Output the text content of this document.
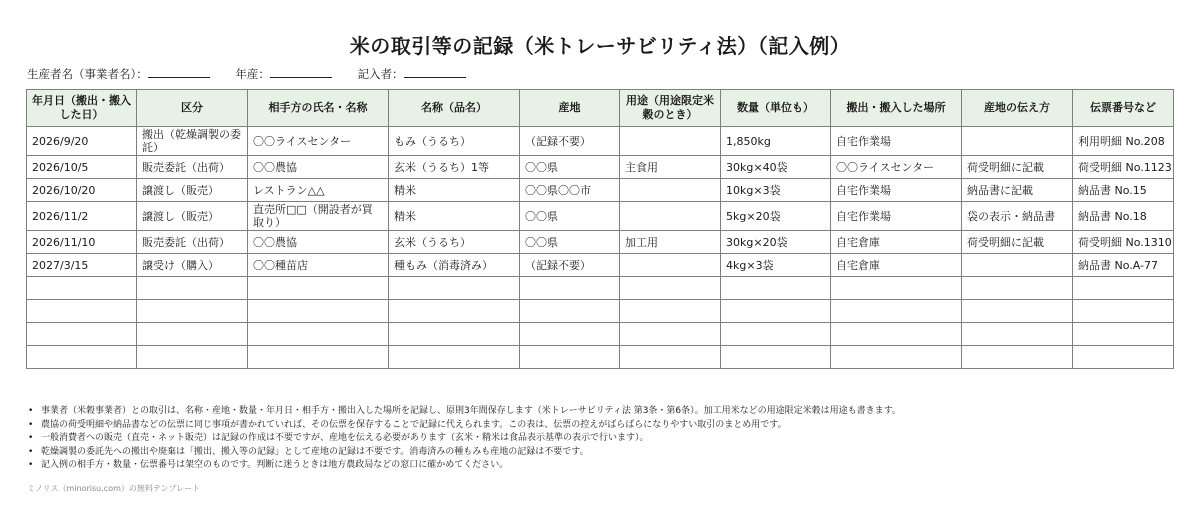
米の取引等の記録（米トレーサビリティ法）（記入例）
生産者名（事業者名）：	年産：	記入者：
年月日（搬出・搬入した日）	区分	相手方の氏名・名称	名称（品名）	産地	用途（用途限定米穀のとき）	数量（単位も）	搬出・搬入した場所	産地の伝え方	伝票番号など
2026/9/20	搬出（乾燥調製の委託）	〇〇ライスセンター	もみ（うるち）	（記録不要）		1,850kg	自宅作業場		利用明細 No.208
2026/10/5	販売委託（出荷）	〇〇農協	玄米（うるち）1等	〇〇県	主食用	30kg×40袋	〇〇ライスセンター	荷受明細に記載	荷受明細 No.1123
2026/10/20	譲渡し（販売）	レストラン△△	精米	〇〇県〇〇市		10kg×3袋	自宅作業場	納品書に記載	納品書 No.15
2026/11/2	譲渡し（販売）	直売所□□（開設者が買取り）	精米	〇〇県		5kg×20袋	自宅作業場	袋の表示・納品書	納品書 No.18
2026/11/10	販売委託（出荷）	〇〇農協	玄米（うるち）	〇〇県	加工用	30kg×20袋	自宅倉庫	荷受明細に記載	荷受明細 No.1310
2027/3/15	譲受け（購入）	〇〇種苗店	種もみ（消毒済み）	（記録不要）		4kg×3袋	自宅倉庫		納品書 No.A-77

• 事業者（米穀事業者）との取引は、名称・産地・数量・年月日・相手方・搬出入した場所を記録し、原則3年間保存します（米トレーサビリティ法 第3条・第6条）。加工用米などの用途限定米穀は用途も書きます。
• 農協の荷受明細や納品書などの伝票に同じ事項が書かれていれば、その伝票を保存することで記録に代えられます。この表は、伝票の控えがばらばらになりやすい取引のまとめ用です。
• 一般消費者への販売（直売・ネット販売）は記録の作成は不要ですが、産地を伝える必要があります（玄米・精米は食品表示基準の表示で行います）。
• 乾燥調製の委託先への搬出や廃棄は「搬出、搬入等の記録」として産地の記録は不要です。消毒済みの種もみも産地の記録は不要です。
• 記入例の相手方・数量・伝票番号は架空のものです。判断に迷うときは地方農政局などの窓口に確かめてください。
ミノリス（minorisu.com）の無料テンプレート
